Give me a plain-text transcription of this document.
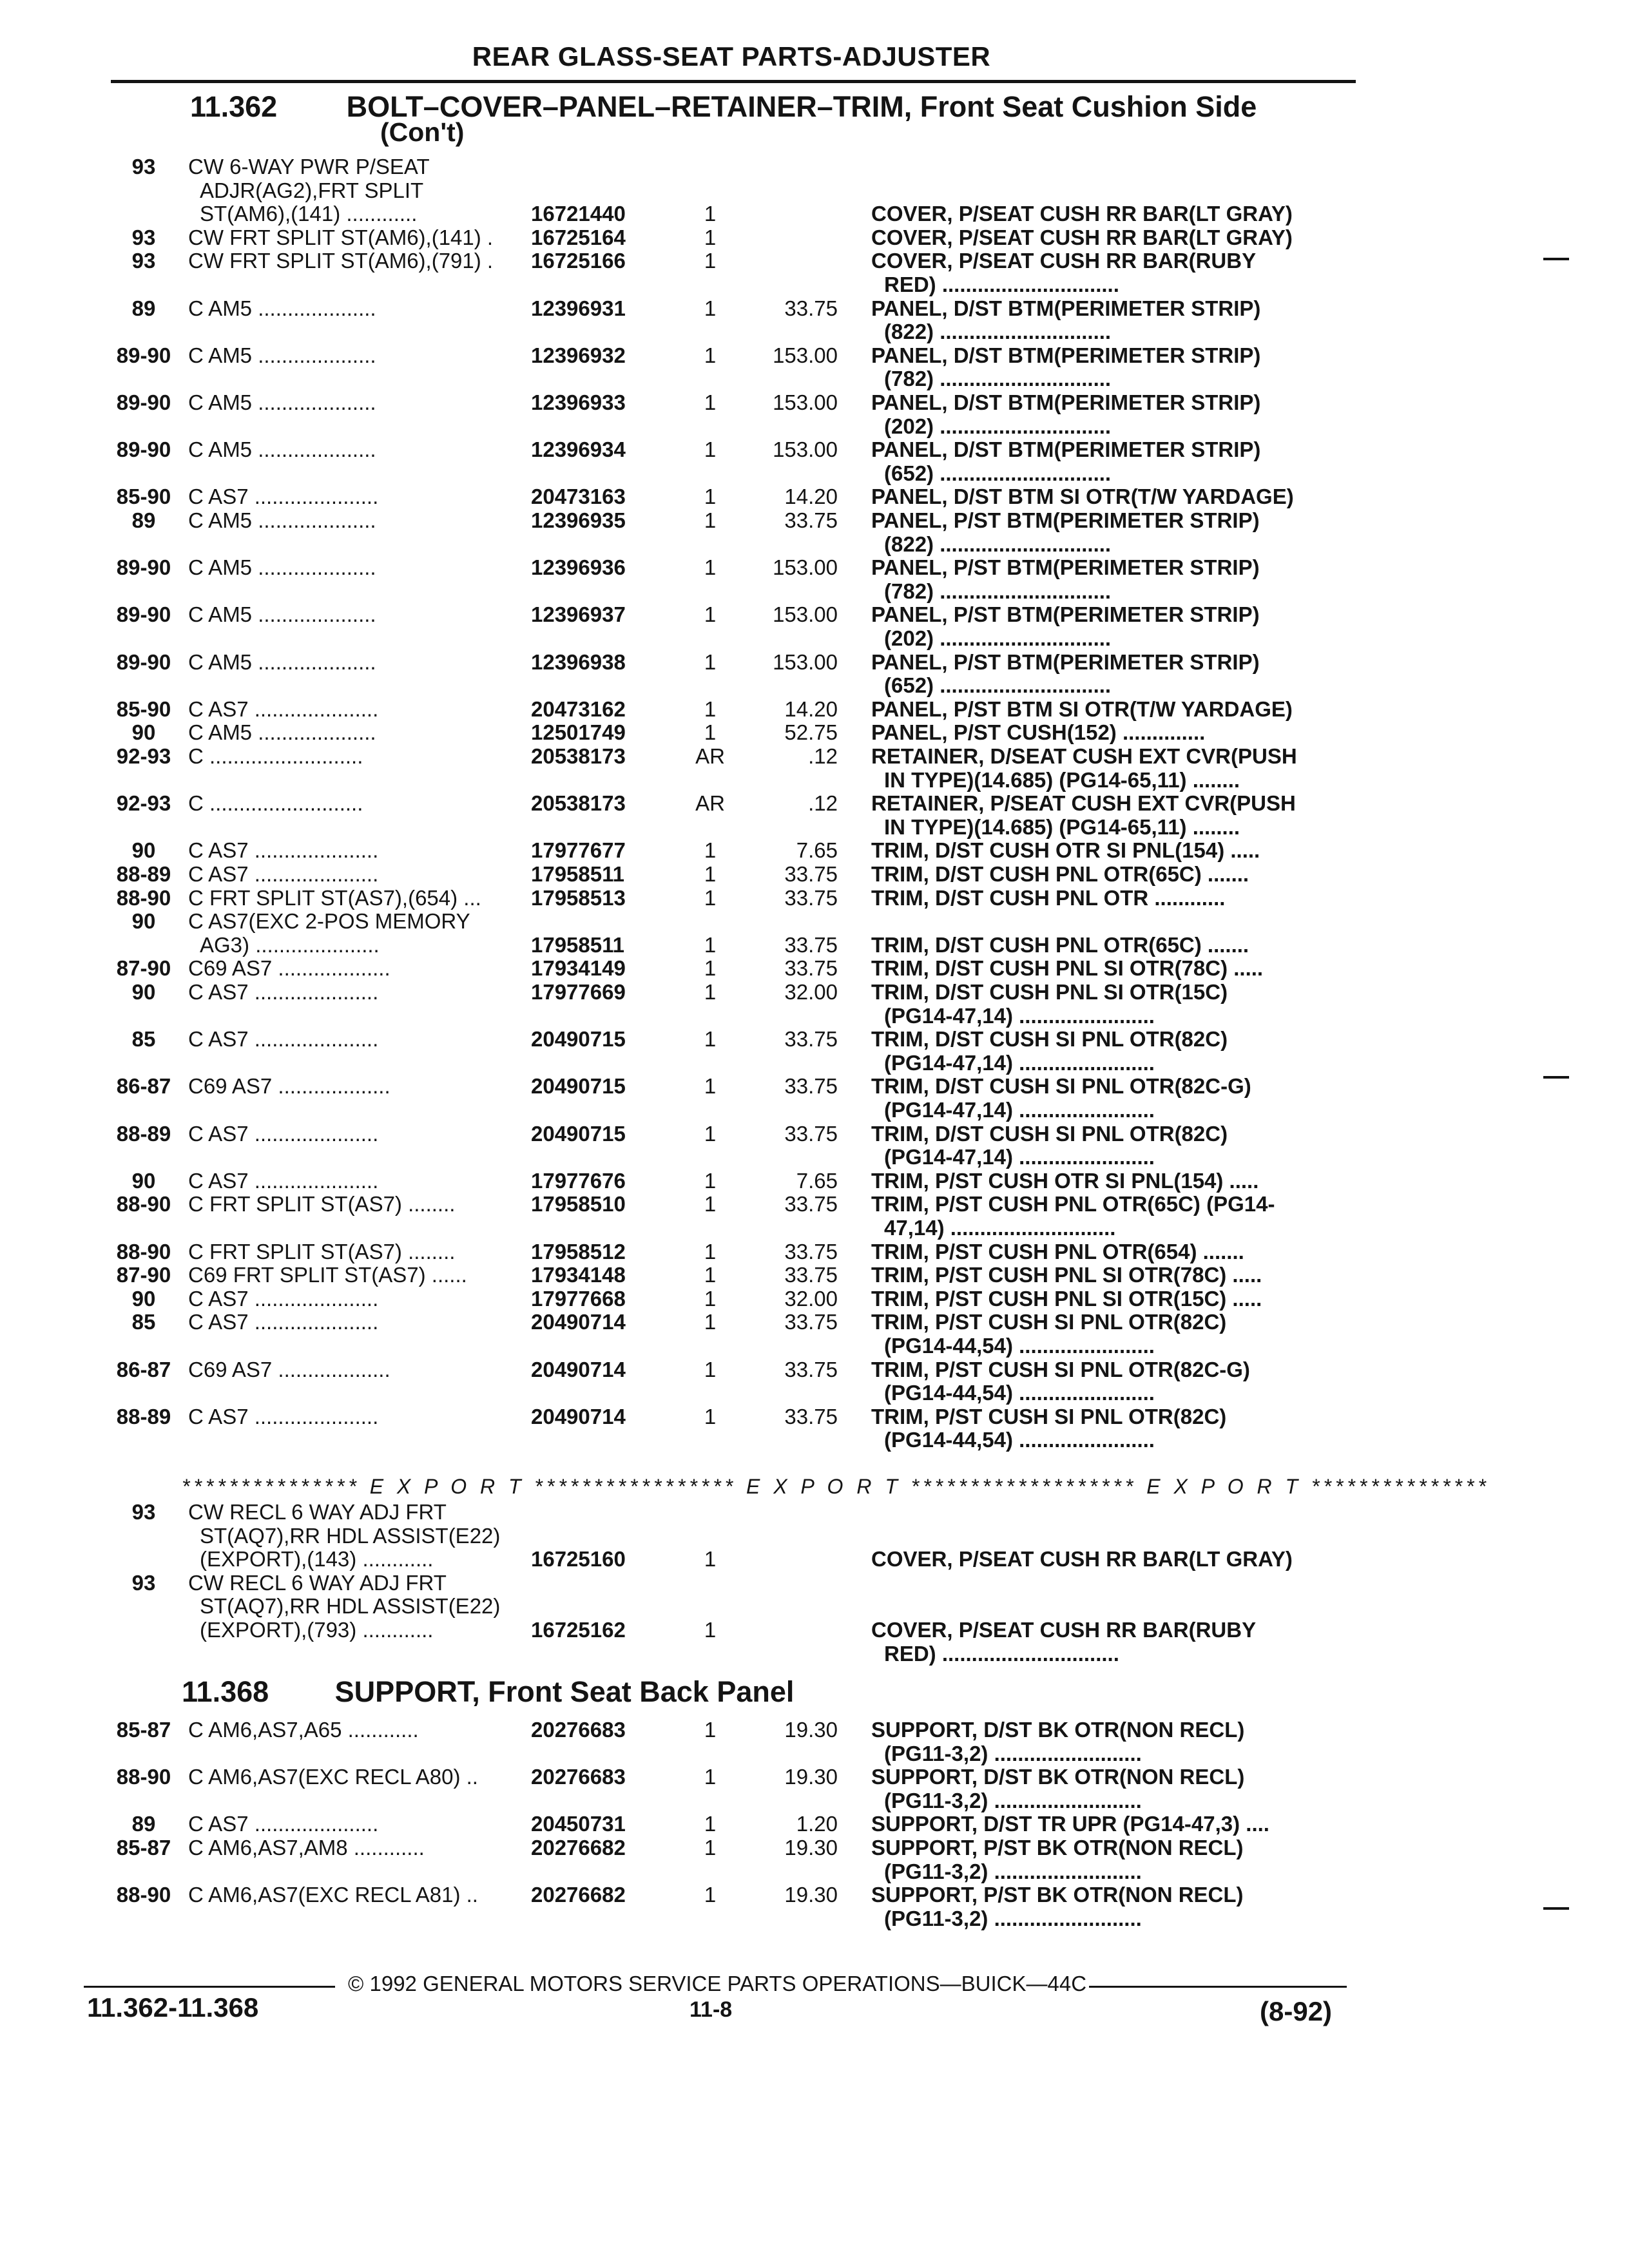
REAR GLASS-SEAT PARTS-ADJUSTER
11.362 BOLT–COVER–PANEL–RETAINER–TRIM, Front Seat Cushion Side
(Con't)
93	CW 6-WAY PWR P/SEAT
ADJR(AG2),FRT SPLIT
ST(AM6),(141) ............	16721440	1	COVER, P/SEAT CUSH RR BAR(LT GRAY)
93	CW FRT SPLIT ST(AM6),(141) .	16725164	1	COVER, P/SEAT CUSH RR BAR(LT GRAY)
93	CW FRT SPLIT ST(AM6),(791) .	16725166	1	COVER, P/SEAT CUSH RR BAR(RUBY
RED) ..............................
89	C AM5 ....................	12396931	1	33.75 PANEL, D/ST BTM(PERIMETER STRIP)
(822) .............................
89-90 C AM5 ....................	12396932	1	153.00 PANEL, D/ST BTM(PERIMETER STRIP)
(782) .............................
89-90 C AM5 ....................	12396933	1	153.00 PANEL, D/ST BTM(PERIMETER STRIP)
(202) .............................
89-90 C AM5 ....................	12396934	1	153.00 PANEL, D/ST BTM(PERIMETER STRIP)
(652) .............................
85-90 C AS7 .....................	20473163	1	14.20 PANEL, D/ST BTM SI OTR(T/W YARDAGE)
89	C AM5 ....................	12396935	1	33.75 PANEL, P/ST BTM(PERIMETER STRIP)
(822) .............................
89-90 C AM5 ....................	12396936	1	153.00 PANEL, P/ST BTM(PERIMETER STRIP)
(782) .............................
89-90 C AM5 ....................	12396937	1	153.00 PANEL, P/ST BTM(PERIMETER STRIP)
(202) .............................
89-90 C AM5 ....................	12396938	1	153.00 PANEL, P/ST BTM(PERIMETER STRIP)
(652) .............................
85-90 C AS7 .....................	20473162	1	14.20 PANEL, P/ST BTM SI OTR(T/W YARDAGE)
90	C AM5 ....................	12501749	1	52.75 PANEL, P/ST CUSH(152) ..............
92-93 C ..........................	20538173	AR	.12 RETAINER, D/SEAT CUSH EXT CVR(PUSH
IN TYPE)(14.685) (PG14-65,11) ........
92-93 C ..........................	20538173	AR	.12 RETAINER, P/SEAT CUSH EXT CVR(PUSH
IN TYPE)(14.685) (PG14-65,11) ........
90	C AS7 .....................	17977677	1	7.65 TRIM, D/ST CUSH OTR SI PNL(154) .....
88-89 C AS7 .....................	17958511	1	33.75 TRIM, D/ST CUSH PNL OTR(65C) .......
88-90 C FRT SPLIT ST(AS7),(654) ...	17958513	1	33.75 TRIM, D/ST CUSH PNL OTR ............
90	C AS7(EXC 2-POS MEMORY
AG3) .....................	17958511	1	33.75 TRIM, D/ST CUSH PNL OTR(65C) .......
87-90 C69 AS7 ...................	17934149	1	33.75 TRIM, D/ST CUSH PNL SI OTR(78C) .....
90	C AS7 .....................	17977669	1	32.00 TRIM, D/ST CUSH PNL SI OTR(15C)
(PG14-47,14) .......................
85	C AS7 .....................	20490715	1	33.75 TRIM, D/ST CUSH SI PNL OTR(82C)
(PG14-47,14) .......................
86-87 C69 AS7 ...................	20490715	1	33.75 TRIM, D/ST CUSH SI PNL OTR(82C-G)
(PG14-47,14) .......................
88-89 C AS7 .....................	20490715	1	33.75 TRIM, D/ST CUSH SI PNL OTR(82C)
(PG14-47,14) .......................
90	C AS7 .....................	17977676	1	7.65 TRIM, P/ST CUSH OTR SI PNL(154) .....
88-90 C FRT SPLIT ST(AS7) ........	17958510	1	33.75 TRIM, P/ST CUSH PNL OTR(65C) (PG14-
47,14) ............................
88-90 C FRT SPLIT ST(AS7) ........	17958512	1	33.75 TRIM, P/ST CUSH PNL OTR(654) .......
87-90 C69 FRT SPLIT ST(AS7) ......	17934148	1	33.75 TRIM, P/ST CUSH PNL SI OTR(78C) .....
90	C AS7 .....................	17977668	1	32.00 TRIM, P/ST CUSH PNL SI OTR(15C) .....
85	C AS7 .....................	20490714	1	33.75 TRIM, P/ST CUSH SI PNL OTR(82C)
(PG14-44,54) .......................
86-87 C69 AS7 ...................	20490714	1	33.75 TRIM, P/ST CUSH SI PNL OTR(82C-G)
(PG14-44,54) .......................
88-89 C AS7 .....................	20490714	1	33.75 TRIM, P/ST CUSH SI PNL OTR(82C)
(PG14-44,54) .......................
*************** E X P O R T ***************** E X P O R T ******************* E X P O R T ***************
93	CW RECL 6 WAY ADJ FRT
ST(AQ7),RR HDL ASSIST(E22)
(EXPORT),(143) ............	16725160	1	COVER, P/SEAT CUSH RR BAR(LT GRAY)
93	CW RECL 6 WAY ADJ FRT
ST(AQ7),RR HDL ASSIST(E22)
(EXPORT),(793) ............	16725162	1	COVER, P/SEAT CUSH RR BAR(RUBY
RED) ..............................
11.368 SUPPORT, Front Seat Back Panel
85-87 C AM6,AS7,A65 ............	20276683	1	19.30 SUPPORT, D/ST BK OTR(NON RECL)
(PG11-3,2) .........................
88-90 C AM6,AS7(EXC RECL A80) ..	20276683	1	19.30 SUPPORT, D/ST BK OTR(NON RECL)
(PG11-3,2) .........................
89	C AS7 .....................	20450731	1	1.20 SUPPORT, D/ST TR UPR (PG14-47,3) ....
85-87 C AM6,AS7,AM8 ............	20276682	1	19.30 SUPPORT, P/ST BK OTR(NON RECL)
(PG11-3,2) .........................
88-90 C AM6,AS7(EXC RECL A81) ..	20276682	1	19.30 SUPPORT, P/ST BK OTR(NON RECL)
(PG11-3,2) .........................
© 1992 GENERAL MOTORS SERVICE PARTS OPERATIONS—BUICK—44C
11.362-11.368	11-8	(8-92)
